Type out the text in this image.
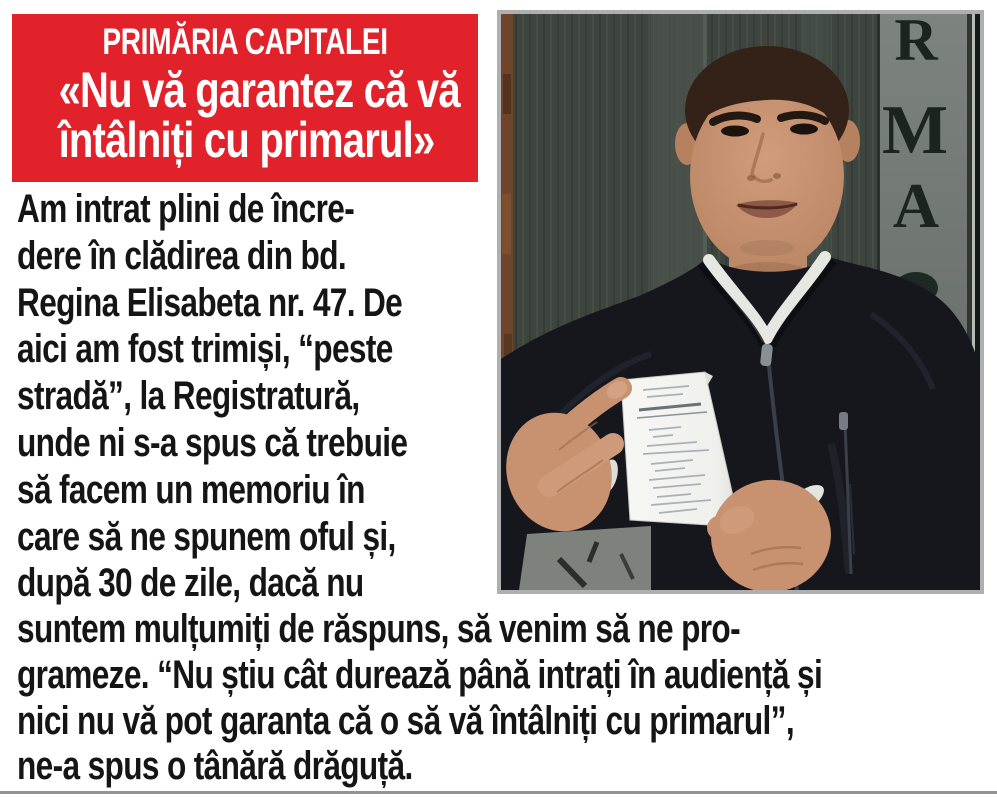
PRIMĂRIA CAPITALEI
«Nu vă garantez că vă
întâlniți cu primarul»
Am intrat plini de încre-
dere în clădirea din bd.
Regina Elisabeta nr. 47. De
aici am fost trimiși, “peste
stradă”, la Registratură,
unde ni s-a spus că trebuie
să facem un memoriu în
care să ne spunem oful și,
după 30 de zile, dacă nu
suntem mulțumiți de răspuns, să venim să ne pro-
grameze. “Nu știu cât durează până intrați în audiență și
nici nu vă pot garanta că o să vă întâlniți cu primarul”,
ne-a spus o tânără drăguță.
R
M
A
